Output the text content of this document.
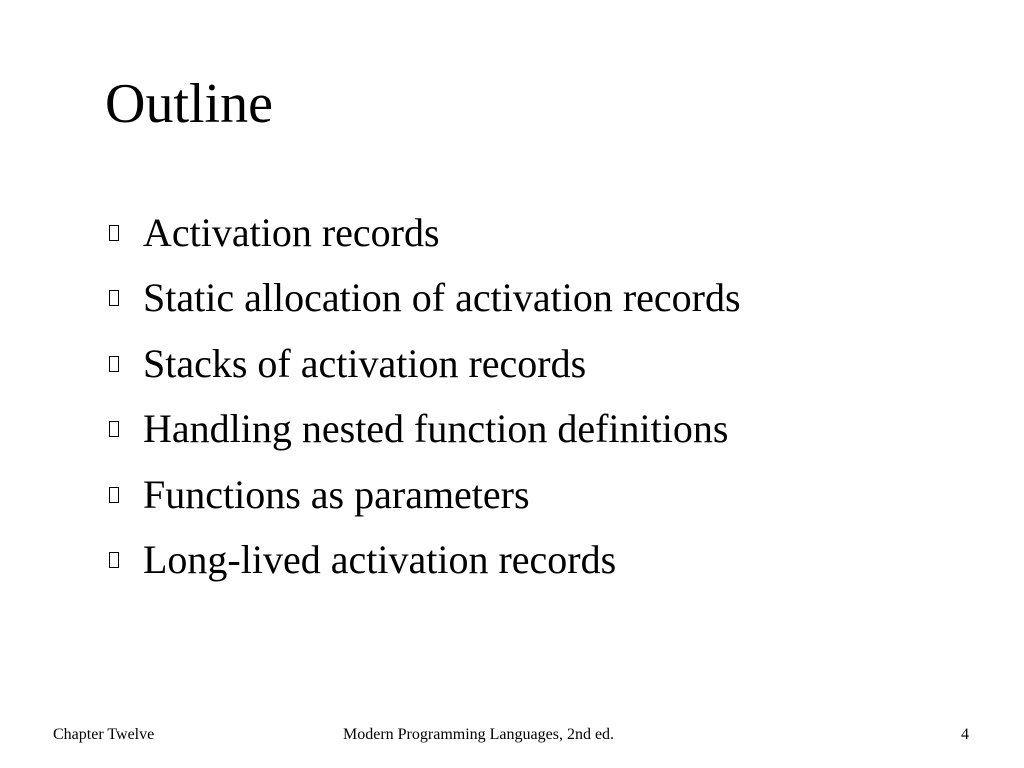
Outline
Activation records
Static allocation of activation records
Stacks of activation records
Handling nested function definitions
Functions as parameters
Long-lived activation records
Chapter Twelve	Modern Programming Languages, 2nd ed.	4
